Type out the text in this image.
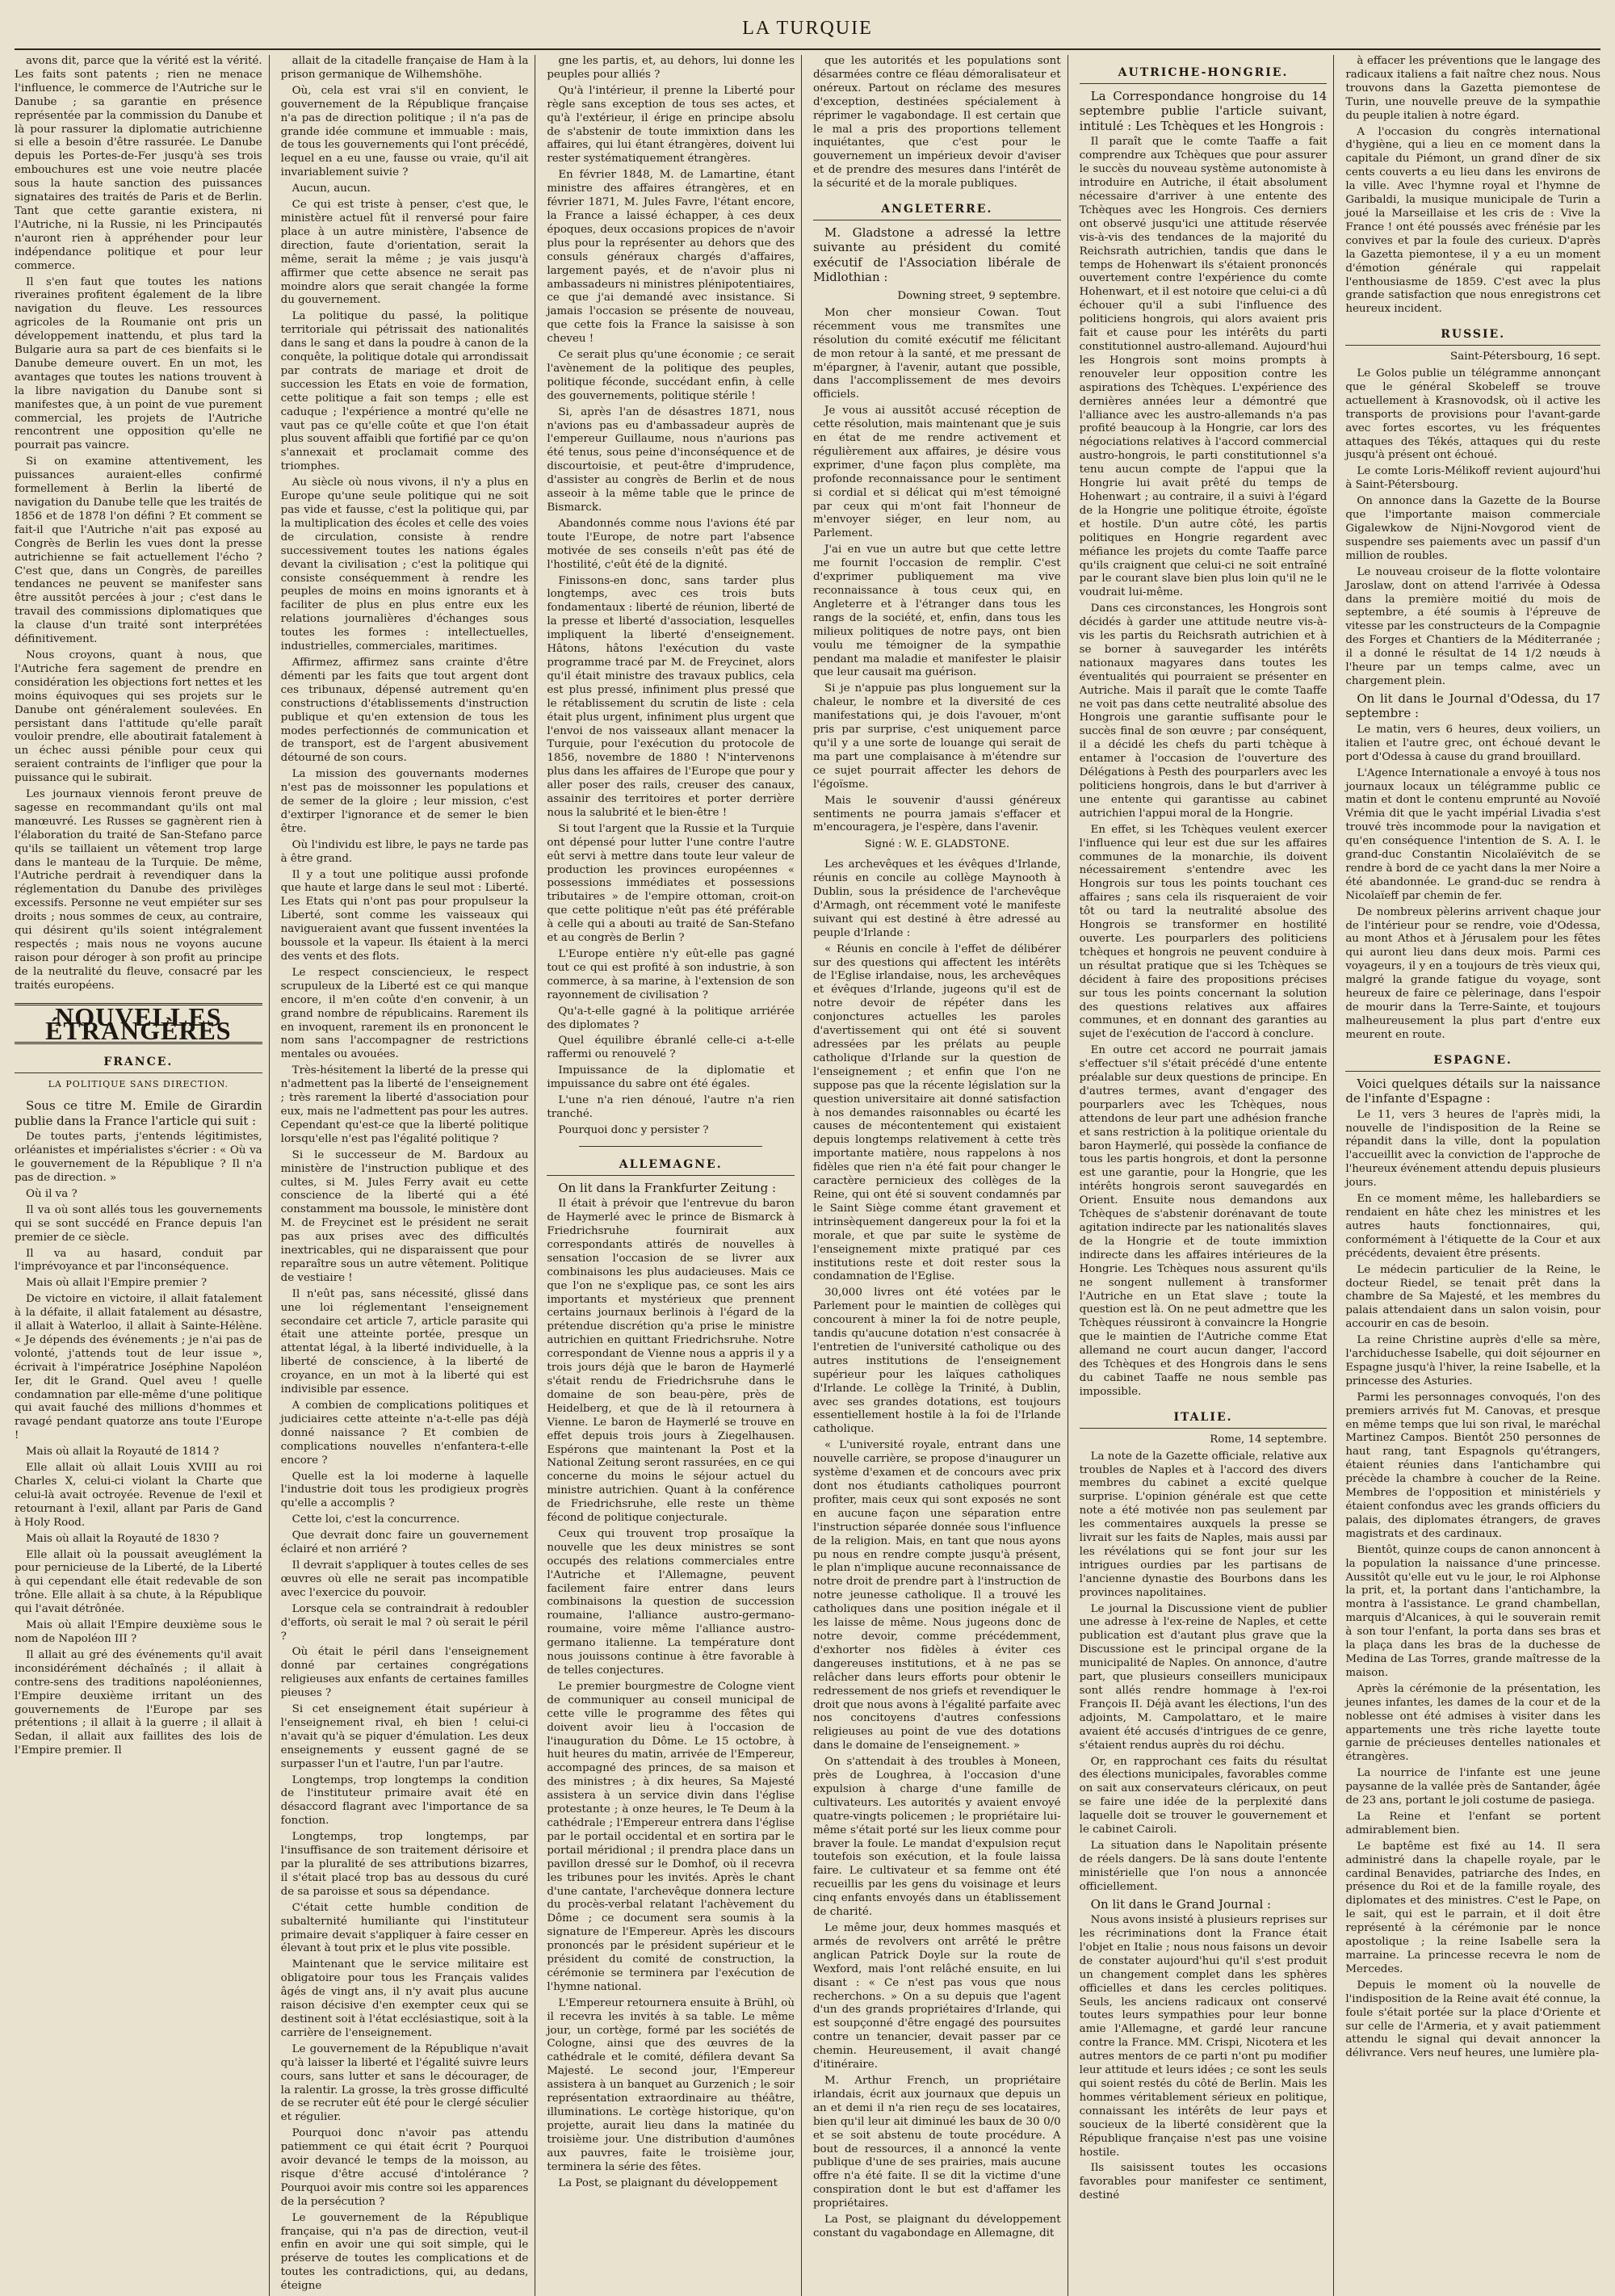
LA TURQUIE

avons dit, parce que la vérité est la vérité. Les faits sont patents ; rien ne menace l'influence, le commerce de l'Autriche sur le Danube ; sa garantie en présence représentée par la commission du Danube et là pour rassurer la diplomatie autrichienne si elle a besoin d'être rassurée. Le Danube depuis les Portes-de-Fer jusqu'à ses trois embouchures est une voie neutre placée sous la haute sanction des puissances signataires des traités de Paris et de Berlin. Tant que cette garantie existera, ni l'Autriche, ni la Russie, ni les Principautés n'auront rien à appréhender pour leur indépendance politique et pour leur commerce.

Il s'en faut que toutes les nations riveraines profitent également de la libre navigation du fleuve. Les ressources agricoles de la Roumanie ont pris un développement inattendu, et plus tard la Bulgarie aura sa part de ces bienfaits si le Danube demeure ouvert. En un mot, les avantages que toutes les nations trouvent à la libre navigation du Danube sont si manifestes que, à un point de vue purement commercial, les projets de l'Autriche rencontrent une opposition qu'elle ne pourrait pas vaincre.

Si on examine attentivement, les puissances auraient-elles confirmé formellement à Berlin la liberté de navigation du Danube telle que les traités de 1856 et de 1878 l'on défini ? Et comment se fait-il que l'Autriche n'ait pas exposé au Congrès de Berlin les vues dont la presse autrichienne se fait actuellement l'écho ? C'est que, dans un Congrès, de pareilles tendances ne peuvent se manifester sans être aussitôt percées à jour ; c'est dans le travail des commissions diplomatiques que la clause d'un traité sont interprétées définitivement.

Nous croyons, quant à nous, que l'Autriche fera sagement de prendre en considération les objections fort nettes et les moins équivoques qui ses projets sur le Danube ont généralement soulevées. En persistant dans l'attitude qu'elle paraît vouloir prendre, elle aboutirait fatalement à un échec aussi pénible pour ceux qui seraient contraints de l'infliger que pour la puissance qui le subirait.

Les journaux viennois feront preuve de sagesse en recommandant qu'ils ont mal manœuvré. Les Russes se gagnèrent rien à l'élaboration du traité de San-Stefano parce qu'ils se taillaient un vêtement trop large dans le manteau de la Turquie. De même, l'Autriche perdrait à revendiquer dans la réglementation du Danube des privilèges excessifs. Personne ne veut empiéter sur ses droits ; nous sommes de ceux, au contraire, qui désirent qu'ils soient intégralement respectés ; mais nous ne voyons aucune raison pour déroger à son profit au principe de la neutralité du fleuve, consacré par les traités européens.

NOUVELLES ÉTRANGÈRES
FRANCE.
LA POLITIQUE SANS DIRECTION.

Sous ce titre M. Emile de Girardin publie dans la France l'article qui suit :

De toutes parts, j'entends légitimistes, orléanistes et impérialistes s'écrier : « Où va le gouvernement de la République ? Il n'a pas de direction. »

Où il va ?

Il va où sont allés tous les gouvernements qui se sont succédé en France depuis l'an premier de ce siècle.

Il va au hasard, conduit par l'imprévoyance et par l'inconséquence.

Mais où allait l'Empire premier ?

De victoire en victoire, il allait fatalement à la défaite, il allait fatalement au désastre, il allait à Waterloo, il allait à Sainte-Hélène. « Je dépends des événements ; je n'ai pas de volonté, j'attends tout de leur issue », écrivait à l'impératrice Joséphine Napoléon Ier, dit le Grand. Quel aveu ! quelle condamnation par elle-même d'une politique qui avait fauché des millions d'hommes et ravagé pendant quatorze ans toute l'Europe !

Mais où allait la Royauté de 1814 ?

Elle allait où allait Louis XVIII au roi Charles X, celui-ci violant la Charte que celui-là avait octroyée. Revenue de l'exil et retournant à l'exil, allant par Paris de Gand à Holy Rood.

Mais où allait la Royauté de 1830 ?

Elle allait où la poussait aveuglément la pour pernicieuse de la Liberté, de la Liberté à qui cependant elle était redevable de son trône. Elle allait à sa chute, à la République qui l'avait détrônée.

Mais où allait l'Empire deuxième sous le nom de Napoléon III ?

Il allait au gré des événements qu'il avait inconsidérément déchaînés ; il allait à contre-sens des traditions napoléoniennes, l'Empire deuxième irritant un des gouvernements de l'Europe par ses prétentions ; il allait à la guerre ; il allait à Sedan, il allait aux faillites des lois de l'Empire premier. Il

allait de la citadelle française de Ham à la prison germanique de Wilhemshöhe.

Où, cela est vrai s'il en convient, le gouvernement de la République française n'a pas de direction politique ; il n'a pas de grande idée commune et immuable : mais, de tous les gouvernements qui l'ont précédé, lequel en a eu une, fausse ou vraie, qu'il ait invariablement suivie ?

Aucun, aucun.

Ce qui est triste à penser, c'est que, le ministère actuel fût il renversé pour faire place à un autre ministère, l'absence de direction, faute d'orientation, serait la même, serait la même ; je vais jusqu'à affirmer que cette absence ne serait pas moindre alors que serait changée la forme du gouvernement.

La politique du passé, la politique territoriale qui pétrissait des nationalités dans le sang et dans la poudre à canon de la conquête, la politique dotale qui arrondissait par contrats de mariage et droit de succession les Etats en voie de formation, cette politique a fait son temps ; elle est caduque ; l'expérience a montré qu'elle ne vaut pas ce qu'elle coûte et que l'on était plus souvent affaibli que fortifié par ce qu'on s'annexait et proclamait comme des triomphes.

Au siècle où nous vivons, il n'y a plus en Europe qu'une seule politique qui ne soit pas vide et fausse, c'est la politique qui, par la multiplication des écoles et celle des voies de circulation, consiste à rendre successivement toutes les nations égales devant la civilisation ; c'est la politique qui consiste conséquemment à rendre les peuples de moins en moins ignorants et à faciliter de plus en plus entre eux les relations journalières d'échanges sous toutes les formes : intellectuelles, industrielles, commerciales, maritimes.

Affirmez, affirmez sans crainte d'être démenti par les faits que tout argent dont ces tribunaux, dépensé autrement qu'en constructions d'établissements d'instruction publique et qu'en extension de tous les modes perfectionnés de communication et de transport, est de l'argent abusivement détourné de son cours.

La mission des gouvernants modernes n'est pas de moissonner les populations et de semer de la gloire ; leur mission, c'est d'extirper l'ignorance et de semer le bien être.

Où l'individu est libre, le pays ne tarde pas à être grand.

Il y a tout une politique aussi profonde que haute et large dans le seul mot : Liberté. Les Etats qui n'ont pas pour propulseur la Liberté, sont comme les vaisseaux qui navigueraient avant que fussent inventées la boussole et la vapeur. Ils étaient à la merci des vents et des flots.

Le respect consciencieux, le respect scrupuleux de la Liberté est ce qui manque encore, il m'en coûte d'en convenir, à un grand nombre de républicains. Rarement ils en invoquent, rarement ils en prononcent le nom sans l'accompagner de restrictions mentales ou avouées.

Très-hésitement la liberté de la presse qui n'admettent pas la liberté de l'enseignement ; très rarement la liberté d'association pour eux, mais ne l'admettent pas pour les autres. Cependant qu'est-ce que la liberté politique lorsqu'elle n'est pas l'égalité politique ?

Si le successeur de M. Bardoux au ministère de l'instruction publique et des cultes, si M. Jules Ferry avait eu cette conscience de la liberté qui a été constamment ma boussole, le ministère dont M. de Freycinet est le président ne serait pas aux prises avec des difficultés inextricables, qui ne disparaissent que pour reparaître sous un autre vêtement. Politique de vestiaire !

Il n'eût pas, sans nécessité, glissé dans une loi réglementant l'enseignement secondaire cet article 7, article parasite qui était une atteinte portée, presque un attentat légal, à la liberté individuelle, à la liberté de conscience, à la liberté de croyance, en un mot à la liberté qui est indivisible par essence.

A combien de complications politiques et judiciaires cette atteinte n'a-t-elle pas déjà donné naissance ? Et combien de complications nouvelles n'enfantera-t-elle encore ?

Quelle est la loi moderne à laquelle l'industrie doit tous les prodigieux progrès qu'elle a accomplis ?

Cette loi, c'est la concurrence.

Que devrait donc faire un gouvernement éclairé et non arriéré ?

Il devrait s'appliquer à toutes celles de ses œuvres où elle ne serait pas incompatible avec l'exercice du pouvoir.

Lorsque cela se contraindrait à redoubler d'efforts, où serait le mal ? où serait le péril ?

Où était le péril dans l'enseignement donné par certaines congrégations religieuses aux enfants de certaines familles pieuses ?

Si cet enseignement était supérieur à l'enseignement rival, eh bien ! celui-ci n'avait qu'à se piquer d'émulation. Les deux enseignements y eussent gagné de se surpasser l'un et l'autre, l'un par l'autre.

Longtemps, trop longtemps la condition de l'instituteur primaire avait été en désaccord flagrant avec l'importance de sa fonction.

Longtemps, trop longtemps, par l'insuffisance de son traitement dérisoire et par la pluralité de ses attributions bizarres, il s'était placé trop bas au dessous du curé de sa paroisse et sous sa dépendance.

C'était cette humble condition de subalternité humiliante qui l'instituteur primaire devait s'appliquer à faire cesser en élevant à tout prix et le plus vite possible.

Maintenant que le service militaire est obligatoire pour tous les Français valides âgés de vingt ans, il n'y avait plus aucune raison décisive d'en exempter ceux qui se destinent soit à l'état ecclésiastique, soit à la carrière de l'enseignement.

Le gouvernement de la République n'avait qu'à laisser la liberté et l'égalité suivre leurs cours, sans lutter et sans le décourager, de la ralentir. La grosse, la très grosse difficulté de se recruter eût été pour le clergé séculier et régulier.

Pourquoi donc n'avoir pas attendu patiemment ce qui était écrit ? Pourquoi avoir devancé le temps de la moisson, au risque d'être accusé d'intolérance ? Pourquoi avoir mis contre soi les apparences de la persécution ?

Le gouvernement de la République française, qui n'a pas de direction, veut-il enfin en avoir une qui soit simple, qui le préserve de toutes les complications et de toutes les contradictions, qui, au dedans, éteigne

gne les partis, et, au dehors, lui donne les peuples pour alliés ?

Qu'à l'intérieur, il prenne la Liberté pour règle sans exception de tous ses actes, et qu'à l'extérieur, il érige en principe absolu de s'abstenir de toute immixtion dans les affaires, qui lui étant étrangères, doivent lui rester systématiquement étrangères.

En février 1848, M. de Lamartine, étant ministre des affaires étrangères, et en février 1871, M. Jules Favre, l'étant encore, la France a laissé échapper, à ces deux époques, deux occasions propices de n'avoir plus pour la représenter au dehors que des consuls généraux chargés d'affaires, largement payés, et de n'avoir plus ni ambassadeurs ni ministres plénipotentiaires, ce que j'ai demandé avec insistance. Si jamais l'occasion se présente de nouveau, que cette fois la France la saisisse à son cheveu !

Ce serait plus qu'une économie ; ce serait l'avènement de la politique des peuples, politique féconde, succédant enfin, à celle des gouvernements, politique stérile !

Si, après l'an de désastres 1871, nous n'avions pas eu d'ambassadeur auprès de l'empereur Guillaume, nous n'aurions pas été tenus, sous peine d'inconséquence et de discourtoisie, et peut-être d'imprudence, d'assister au congrès de Berlin et de nous asseoir à la même table que le prince de Bismarck.

Abandonnés comme nous l'avions été par toute l'Europe, de notre part l'absence motivée de ses conseils n'eût pas été de l'hostilité, c'eût été de la dignité.

Finissons-en donc, sans tarder plus longtemps, avec ces trois buts fondamentaux : liberté de réunion, liberté de la presse et liberté d'association, lesquelles impliquent la liberté d'enseignement. Hâtons, hâtons l'exécution du vaste programme tracé par M. de Freycinet, alors qu'il était ministre des travaux publics, cela est plus pressé, infiniment plus pressé que le rétablissement du scrutin de liste : cela était plus urgent, infiniment plus urgent que l'envoi de nos vaisseaux allant menacer la Turquie, pour l'exécution du protocole de 1856, novembre de 1880 ! N'intervenons plus dans les affaires de l'Europe que pour y aller poser des rails, creuser des canaux, assainir des territoires et porter derrière nous la salubrité et le bien-être !

Si tout l'argent que la Russie et la Turquie ont dépensé pour lutter l'une contre l'autre eût servi à mettre dans toute leur valeur de production les provinces européennes « possessions immédiates et possessions tributaires » de l'empire ottoman, croit-on que cette politique n'eût pas été préférable à celle qui a abouti au traité de San-Stefano et au congrès de Berlin ?

L'Europe entière n'y eût-elle pas gagné tout ce qui est profité à son industrie, à son commerce, à sa marine, à l'extension de son rayonnement de civilisation ?

Qu'a-t-elle gagné à la politique arriérée des diplomates ?

Quel équilibre ébranlé celle-ci a-t-elle raffermi ou renouvelé ?

Impuissance de la diplomatie et impuissance du sabre ont été égales.

L'une n'a rien dénoué, l'autre n'a rien tranché.

Pourquoi donc y persister ?

ALLEMAGNE.

On lit dans la Frankfurter Zeitung :

Il était à prévoir que l'entrevue du baron de Haymerlé avec le prince de Bismarck à Friedrichsruhe fournirait aux correspondants attirés de nouvelles à sensation l'occasion de se livrer aux combinaisons les plus audacieuses. Mais ce que l'on ne s'explique pas, ce sont les airs importants et mystérieux que prennent certains journaux berlinois à l'égard de la prétendue discrétion qu'a prise le ministre autrichien en quittant Friedrichsruhe. Notre correspondant de Vienne nous a appris il y a trois jours déjà que le baron de Haymerlé s'était rendu de Friedrichsruhe dans le domaine de son beau-père, près de Heidelberg, et que de là il retournera à Vienne. Le baron de Haymerlé se trouve en effet depuis trois jours à Ziegelhausen. Espérons que maintenant la Post et la National Zeitung seront rassurées, en ce qui concerne du moins le séjour actuel du ministre autrichien. Quant à la conférence de Friedrichsruhe, elle reste un thème fécond de politique conjecturale.

Ceux qui trouvent trop prosaïque la nouvelle que les deux ministres se sont occupés des relations commerciales entre l'Autriche et l'Allemagne, peuvent facilement faire entrer dans leurs combinaisons la question de succession roumaine, l'alliance austro-germano-roumaine, voire même l'alliance austro-germano italienne. La température dont nous jouissons continue à être favorable à de telles conjectures.

Le premier bourgmestre de Cologne vient de communiquer au conseil municipal de cette ville le programme des fêtes qui doivent avoir lieu à l'occasion de l'inauguration du Dôme. Le 15 octobre, à huit heures du matin, arrivée de l'Empereur, accompagné des princes, de sa maison et des ministres ; à dix heures, Sa Majesté assistera à un service divin dans l'église protestante ; à onze heures, le Te Deum à la cathédrale ; l'Empereur entrera dans l'église par le portail occidental et en sortira par le portail méridional ; il prendra place dans un pavillon dressé sur le Domhof, où il recevra les tribunes pour les invités. Après le chant d'une cantate, l'archevêque donnera lecture du procès-verbal relatant l'achèvement du Dôme ; ce document sera soumis à la signature de l'Empereur. Après les discours prononcés par le président supérieur et le président du comité de construction, la cérémonie se terminera par l'exécution de l'hymne national.

L'Empereur retournera ensuite à Brühl, où il recevra les invités à sa table. Le même jour, un cortège, formé par les sociétés de Cologne, ainsi que des œuvres de la cathédrale et le comité, défilera devant Sa Majesté. Le second jour, l'Empereur assistera à un banquet au Gurzenich ; le soir représentation extraordinaire au théâtre, illuminations. Le cortège historique, qu'on projette, aurait lieu dans la matinée du troisième jour. Une distribution d'aumônes aux pauvres, faite le troisième jour, terminera la série des fêtes.

La Post, se plaignant du développement

que les autorités et les populations sont désarmées contre ce fléau démoralisateur et onéreux. Partout on réclame des mesures d'exception, destinées spécialement à réprimer le vagabondage. Il est certain que le mal a pris des proportions tellement inquiétantes, que c'est pour le gouvernement un impérieux devoir d'aviser et de prendre des mesures dans l'intérêt de la sécurité et de la morale publiques.

ANGLETERRE.

M. Gladstone a adressé la lettre suivante au président du comité exécutif de l'Association libérale de Midlothian :

Downing street, 9 septembre.

Mon cher monsieur Cowan. Tout récemment vous me transmîtes une résolution du comité exécutif me félicitant de mon retour à la santé, et me pressant de m'épargner, à l'avenir, autant que possible, dans l'accomplissement de mes devoirs officiels.

Je vous ai aussitôt accusé réception de cette résolution, mais maintenant que je suis en état de me rendre activement et régulièrement aux affaires, je désire vous exprimer, d'une façon plus complète, ma profonde reconnaissance pour le sentiment si cordial et si délicat qui m'est témoigné par ceux qui m'ont fait l'honneur de m'envoyer siéger, en leur nom, au Parlement.

J'ai en vue un autre but que cette lettre me fournit l'occasion de remplir. C'est d'exprimer publiquement ma vive reconnaissance à tous ceux qui, en Angleterre et à l'étranger dans tous les rangs de la société, et, enfin, dans tous les milieux politiques de notre pays, ont bien voulu me témoigner de la sympathie pendant ma maladie et manifester le plaisir que leur causait ma guérison.

Si je n'appuie pas plus longuement sur la chaleur, le nombre et la diversité de ces manifestations qui, je dois l'avouer, m'ont pris par surprise, c'est uniquement parce qu'il y a une sorte de louange qui serait de ma part une complaisance à m'étendre sur ce sujet pourrait affecter les dehors de l'égoïsme.

Mais le souvenir d'aussi généreux sentiments ne pourra jamais s'effacer et m'encouragera, je l'espère, dans l'avenir.

Signé : W. E. GLADSTONE.

Les archevêques et les évêques d'Irlande, réunis en concile au collège Maynooth à Dublin, sous la présidence de l'archevêque d'Armagh, ont récemment voté le manifeste suivant qui est destiné à être adressé au peuple d'Irlande :

« Réunis en concile à l'effet de délibérer sur des questions qui affectent les intérêts de l'Eglise irlandaise, nous, les archevêques et évêques d'Irlande, jugeons qu'il est de notre devoir de répéter dans les conjonctures actuelles les paroles d'avertissement qui ont été si souvent adressées par les prélats au peuple catholique d'Irlande sur la question de l'enseignement ; et enfin que l'on ne suppose pas que la récente législation sur la question universitaire ait donné satisfaction à nos demandes raisonnables ou écarté les causes de mécontentement qui existaient depuis longtemps relativement à cette très importante matière, nous rappelons à nos fidèles que rien n'a été fait pour changer le caractère pernicieux des collèges de la Reine, qui ont été si souvent condamnés par le Saint Siège comme étant gravement et intrinsèquement dangereux pour la foi et la morale, et que par suite le système de l'enseignement mixte pratiqué par ces institutions reste et doit rester sous la condamnation de l'Eglise.

30,000 livres ont été votées par le Parlement pour le maintien de collèges qui concourent à miner la foi de notre peuple, tandis qu'aucune dotation n'est consacrée à l'entretien de l'université catholique ou des autres institutions de l'enseignement supérieur pour les laïques catholiques d'Irlande. Le collège la Trinité, à Dublin, avec ses grandes dotations, est toujours essentiellement hostile à la foi de l'Irlande catholique.

« L'université royale, entrant dans une nouvelle carrière, se propose d'inaugurer un système d'examen et de concours avec prix dont nos étudiants catholiques pourront profiter, mais ceux qui sont exposés ne sont en aucune façon une séparation entre l'instruction séparée donnée sous l'influence de la religion. Mais, en tant que nous ayons pu nous en rendre compte jusqu'à présent, le plan n'implique aucune reconnaissance de notre droit de prendre part à l'instruction de notre jeunesse catholique. Il a trouvé les catholiques dans une position inégale et il les laisse de même. Nous jugeons donc de notre devoir, comme précédemment, d'exhorter nos fidèles à éviter ces dangereuses institutions, et à ne pas se relâcher dans leurs efforts pour obtenir le redressement de nos griefs et revendiquer le droit que nous avons à l'égalité parfaite avec nos concitoyens d'autres confessions religieuses au point de vue des dotations dans le domaine de l'enseignement. »

On s'attendait à des troubles à Moneen, près de Loughrea, à l'occasion d'une expulsion à charge d'une famille de cultivateurs. Les autorités y avaient envoyé quatre-vingts policemen ; le propriétaire lui-même s'était porté sur les lieux comme pour braver la foule. Le mandat d'expulsion reçut toutefois son exécution, et la foule laissa faire. Le cultivateur et sa femme ont été recueillis par les gens du voisinage et leurs cinq enfants envoyés dans un établissement de charité.

Le même jour, deux hommes masqués et armés de revolvers ont arrêté le prêtre anglican Patrick Doyle sur la route de Wexford, mais l'ont relâché ensuite, en lui disant : « Ce n'est pas vous que nous recherchons. » On a su depuis que l'agent d'un des grands propriétaires d'Irlande, qui est soupçonné d'être engagé des poursuites contre un tenancier, devait passer par ce chemin. Heureusement, il avait changé d'itinéraire.

M. Arthur French, un propriétaire irlandais, écrit aux journaux que depuis un an et demi il n'a rien reçu de ses locataires, bien qu'il leur ait diminué les baux de 30 0/0 et se soit abstenu de toute procédure. A bout de ressources, il a annoncé la vente publique d'une de ses prairies, mais aucune offre n'a été faite. Il se dit la victime d'une conspiration dont le but est d'affamer les propriétaires.

La Post, se plaignant du développement constant du vagabondage en Allemagne, dit

AUTRICHE-HONGRIE.

La Correspondance hongroise du 14 septembre publie l'article suivant, intitulé : Les Tchèques et les Hongrois :

Il paraît que le comte Taaffe a fait comprendre aux Tchèques que pour assurer le succès du nouveau système autonomiste à introduire en Autriche, il était absolument nécessaire d'arriver à une entente des Tchèques avec les Hongrois. Ces derniers ont observé jusqu'ici une attitude réservée vis-à-vis des tendances de la majorité du Reichsrath autrichien, tandis que dans le temps de Hohenwart ils s'étaient prononcés ouvertement contre l'expérience du comte Hohenwart, et il est notoire que celui-ci a dû échouer qu'il a subi l'influence des politiciens hongrois, qui alors avaient pris fait et cause pour les intérêts du parti constitutionnel austro-allemand. Aujourd'hui les Hongrois sont moins prompts à renouveler leur opposition contre les aspirations des Tchèques. L'expérience des dernières années leur a démontré que l'alliance avec les austro-allemands n'a pas profité beaucoup à la Hongrie, car lors des négociations relatives à l'accord commercial austro-hongrois, le parti constitutionnel s'a tenu aucun compte de l'appui que la Hongrie lui avait prêté du temps de Hohenwart ; au contraire, il a suivi à l'égard de la Hongrie une politique étroite, égoïste et hostile. D'un autre côté, les partis politiques en Hongrie regardent avec méfiance les projets du comte Taaffe parce qu'ils craignent que celui-ci ne soit entraîné par le courant slave bien plus loin qu'il ne le voudrait lui-même.

Dans ces circonstances, les Hongrois sont décidés à garder une attitude neutre vis-à-vis les partis du Reichsrath autrichien et à se borner à sauvegarder les intérêts nationaux magyares dans toutes les éventualités qui pourraient se présenter en Autriche. Mais il paraît que le comte Taaffe ne voit pas dans cette neutralité absolue des Hongrois une garantie suffisante pour le succès final de son œuvre ; par conséquent, il a décidé les chefs du parti tchèque à entamer à l'occasion de l'ouverture des Délégations à Pesth des pourparlers avec les politiciens hongrois, dans le but d'arriver à une entente qui garantisse au cabinet autrichien l'appui moral de la Hongrie.

En effet, si les Tchèques veulent exercer l'influence qui leur est due sur les affaires communes de la monarchie, ils doivent nécessairement s'entendre avec les Hongrois sur tous les points touchant ces affaires ; sans cela ils risqueraient de voir tôt ou tard la neutralité absolue des Hongrois se transformer en hostilité ouverte. Les pourparlers des politiciens tchèques et hongrois ne peuvent conduire à un résultat pratique que si les Tchèques se décident à faire des propositions précises sur tous les points concernant la solution des questions relatives aux affaires communes, et en donnant des garanties au sujet de l'exécution de l'accord à conclure.

En outre cet accord ne pourrait jamais s'effectuer s'il s'était précédé d'une entente préalable sur deux questions de principe. En d'autres termes, avant d'engager des pourparlers avec les Tchèques, nous attendons de leur part une adhésion franche et sans restriction à la politique orientale du baron Haymerlé, qui possède la confiance de tous les partis hongrois, et dont la personne est une garantie, pour la Hongrie, que les intérêts hongrois seront sauvegardés en Orient. Ensuite nous demandons aux Tchèques de s'abstenir dorénavant de toute agitation indirecte par les nationalités slaves de la Hongrie et de toute immixtion indirecte dans les affaires intérieures de la Hongrie. Les Tchèques nous assurent qu'ils ne songent nullement à transformer l'Autriche en un Etat slave ; toute la question est là. On ne peut admettre que les Tchèques réussiront à convaincre la Hongrie que le maintien de l'Autriche comme Etat allemand ne court aucun danger, l'accord des Tchèques et des Hongrois dans le sens du cabinet Taaffe ne nous semble pas impossible.

ITALIE.
Rome, 14 septembre.

La note de la Gazette officiale, relative aux troubles de Naples et à l'accord des divers membres du cabinet a excité quelque surprise. L'opinion générale est que cette note a été motivée non pas seulement par les commentaires auxquels la presse se livrait sur les faits de Naples, mais aussi par les révélations qui se font jour sur les intrigues ourdies par les partisans de l'ancienne dynastie des Bourbons dans les provinces napolitaines.

Le journal la Discussione vient de publier une adresse à l'ex-reine de Naples, et cette publication est d'autant plus grave que la Discussione est le principal organe de la municipalité de Naples. On annonce, d'autre part, que plusieurs conseillers municipaux sont allés rendre hommage à l'ex-roi François II. Déjà avant les élections, l'un des adjoints, M. Campolattaro, et le maire avaient été accusés d'intrigues de ce genre, s'étaient rendus auprès du roi déchu.

Or, en rapprochant ces faits du résultat des élections municipales, favorables comme on sait aux conservateurs cléricaux, on peut se faire une idée de la perplexité dans laquelle doit se trouver le gouvernement et le cabinet Cairoli.

La situation dans le Napolitain présente de réels dangers. De là sans doute l'entente ministérielle que l'on nous a annoncée officiellement.

On lit dans le Grand Journal :

Nous avons insisté à plusieurs reprises sur les récriminations dont la France était l'objet en Italie ; nous nous faisons un devoir de constater aujourd'hui qu'il s'est produit un changement complet dans les sphères officielles et dans les cercles politiques. Seuls, les anciens radicaux ont conservé toutes leurs sympathies pour leur bonne amie l'Allemagne, et gardé leur rancune contre la France. MM. Crispi, Nicotera et les autres mentors de ce parti n'ont pu modifier leur attitude et leurs idées ; ce sont les seuls qui soient restés du côté de Berlin. Mais les hommes véritablement sérieux en politique, connaissant les intérêts de leur pays et soucieux de la liberté considèrent que la République française n'est pas une voisine hostile.

Ils saisissent toutes les occasions favorables pour manifester ce sentiment, destiné

à effacer les préventions que le langage des radicaux italiens a fait naître chez nous. Nous trouvons dans la Gazetta piemontese de Turin, une nouvelle preuve de la sympathie du peuple italien à notre égard.

A l'occasion du congrès international d'hygiène, qui a lieu en ce moment dans la capitale du Piémont, un grand dîner de six cents couverts a eu lieu dans les environs de la ville. Avec l'hymne royal et l'hymne de Garibaldi, la musique municipale de Turin a joué la Marseillaise et les cris de : Vive la France ! ont été poussés avec frénésie par les convives et par la foule des curieux. D'après la Gazetta piemontese, il y a eu un moment d'émotion générale qui rappelait l'enthousiasme de 1859. C'est avec la plus grande satisfaction que nous enregistrons cet heureux incident.

RUSSIE.
Saint-Pétersbourg, 16 sept.

Le Golos publie un télégramme annonçant que le général Skobeleff se trouve actuellement à Krasnovodsk, où il active les transports de provisions pour l'avant-garde avec fortes escortes, vu les fréquentes attaques des Tékés, attaques qui du reste jusqu'à présent ont échoué.

Le comte Loris-Mélikoff revient aujourd'hui à Saint-Pétersbourg.

On annonce dans la Gazette de la Bourse que l'importante maison commerciale Gigalewkow de Nijni-Novgorod vient de suspendre ses paiements avec un passif d'un million de roubles.

Le nouveau croiseur de la flotte volontaire Jaroslaw, dont on attend l'arrivée à Odessa dans la première moitié du mois de septembre, a été soumis à l'épreuve de vitesse par les constructeurs de la Compagnie des Forges et Chantiers de la Méditerranée ; il a donné le résultat de 14 1/2 nœuds à l'heure par un temps calme, avec un chargement plein.

On lit dans le Journal d'Odessa, du 17 septembre :

Le matin, vers 6 heures, deux voiliers, un italien et l'autre grec, ont échoué devant le port d'Odessa à cause du grand brouillard.

L'Agence Internationale a envoyé à tous nos journaux locaux un télégramme public ce matin et dont le contenu emprunté au Novoïé Vrémia dit que le yacht impérial Livadia s'est trouvé très incommode pour la navigation et qu'en conséquence l'intention de S. A. I. le grand-duc Constantin Nicolaïévitch de se rendre à bord de ce yacht dans la mer Noire a été abandonnée. Le grand-duc se rendra à Nicolaïeff par chemin de fer.

De nombreux pèlerins arrivent chaque jour de l'intérieur pour se rendre, voie d'Odessa, au mont Athos et à Jérusalem pour les fêtes qui auront lieu dans deux mois. Parmi ces voyageurs, il y en a toujours de très vieux qui, malgré la grande fatigue du voyage, sont heureux de faire ce pèlerinage, dans l'espoir de mourir dans la Terre-Sainte, et toujours malheureusement la plus part d'entre eux meurent en route.

ESPAGNE.

Voici quelques détails sur la naissance de l'infante d'Espagne :

Le 11, vers 3 heures de l'après midi, la nouvelle de l'indisposition de la Reine se répandit dans la ville, dont la population l'accueillit avec la conviction de l'approche de l'heureux événement attendu depuis plusieurs jours.

En ce moment même, les hallebardiers se rendaient en hâte chez les ministres et les autres hauts fonctionnaires, qui, conformément à l'étiquette de la Cour et aux précédents, devaient être présents.

Le médecin particulier de la Reine, le docteur Riedel, se tenait prêt dans la chambre de Sa Majesté, et les membres du palais attendaient dans un salon voisin, pour accourir en cas de besoin.

La reine Christine auprès d'elle sa mère, l'archiduchesse Isabelle, qui doit séjourner en Espagne jusqu'à l'hiver, la reine Isabelle, et la princesse des Asturies.

Parmi les personnages convoqués, l'on des premiers arrivés fut M. Canovas, et presque en même temps que lui son rival, le maréchal Martinez Campos. Bientôt 250 personnes de haut rang, tant Espagnols qu'étrangers, étaient réunies dans l'antichambre qui précède la chambre à coucher de la Reine. Membres de l'opposition et ministériels y étaient confondus avec les grands officiers du palais, des diplomates étrangers, de graves magistrats et des cardinaux.

Bientôt, quinze coups de canon annoncent à la population la naissance d'une princesse. Aussitôt qu'elle eut vu le jour, le roi Alphonse la prit, et, la portant dans l'antichambre, la montra à l'assistance. Le grand chambellan, marquis d'Alcanices, à qui le souverain remit à son tour l'enfant, la porta dans ses bras et la plaça dans les bras de la duchesse de Medina de Las Torres, grande maîtresse de la maison.

Après la cérémonie de la présentation, les jeunes infantes, les dames de la cour et de la noblesse ont été admises à visiter dans les appartements une très riche layette toute garnie de précieuses dentelles nationales et étrangères.

La nourrice de l'infante est une jeune paysanne de la vallée près de Santander, âgée de 23 ans, portant le joli costume de pasiega.

La Reine et l'enfant se portent admirablement bien.

Le baptême est fixé au 14. Il sera administré dans la chapelle royale, par le cardinal Benavides, patriarche des Indes, en présence du Roi et de la famille royale, des diplomates et des ministres. C'est le Pape, on le sait, qui est le parrain, et il doit être représenté à la cérémonie par le nonce apostolique ; la reine Isabelle sera la marraine. La princesse recevra le nom de Mercedes.

Depuis le moment où la nouvelle de l'indisposition de la Reine avait été connue, la foule s'était portée sur la place d'Oriente et sur celle de l'Armeria, et y avait patiemment attendu le signal qui devait annoncer la délivrance. Vers neuf heures, une lumière pla-
